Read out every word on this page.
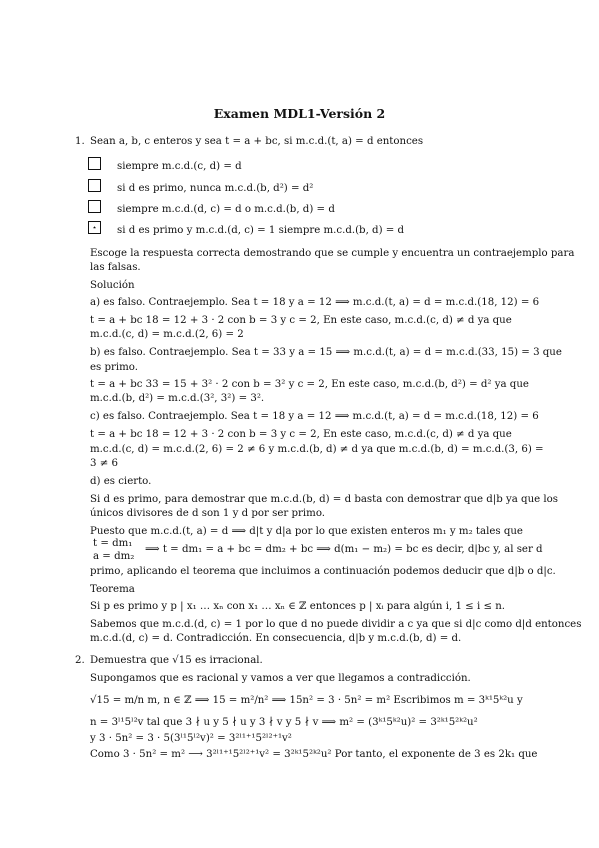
Examen MDL1-Versión 2
1. Sean a, b, c enteros y sea t = a + bc, si m.c.d.(t, a) = d entonces
siempre m.c.d.(c, d) = d
si d es primo, nunca m.c.d.(b, d²) = d²
siempre m.c.d.(d, c) = d o m.c.d.(b, d) = d
⋆	si d es primo y m.c.d.(d, c) = 1 siempre m.c.d.(b, d) = d
Escoge la respuesta correcta demostrando que se cumple y encuentra un contraejemplo para
las falsas.
Solución
a) es falso. Contraejemplo. Sea t = 18 y a = 12 ⟹ m.c.d.(t, a) = d = m.c.d.(18, 12) = 6
t = a + bc 18 = 12 + 3 · 2 con b = 3 y c = 2, En este caso, m.c.d.(c, d) ≠ d ya que
m.c.d.(c, d) = m.c.d.(2, 6) = 2
b) es falso. Contraejemplo. Sea t = 33 y a = 15 ⟹ m.c.d.(t, a) = d = m.c.d.(33, 15) = 3 que
es primo.
t = a + bc 33 = 15 + 3² · 2 con b = 3² y c = 2, En este caso, m.c.d.(b, d²) = d² ya que
m.c.d.(b, d²) = m.c.d.(3², 3²) = 3².
c) es falso. Contraejemplo. Sea t = 18 y a = 12 ⟹ m.c.d.(t, a) = d = m.c.d.(18, 12) = 6
t = a + bc 18 = 12 + 3 · 2 con b = 3 y c = 2, En este caso, m.c.d.(c, d) ≠ d ya que
m.c.d.(c, d) = m.c.d.(2, 6) = 2 ≠ 6 y m.c.d.(b, d) ≠ d ya que m.c.d.(b, d) = m.c.d.(3, 6) =
3 ≠ 6
d) es cierto.
Si d es primo, para demostrar que m.c.d.(b, d) = d basta con demostrar que d|b ya que los
únicos divisores de d son 1 y d por ser primo.
Puesto que m.c.d.(t, a) = d ⟹ d|t y d|a por lo que existen enteros m₁ y m₂ tales que
t = dm₁
a = dm₂
⟹ t = dm₁ = a + bc = dm₂ + bc ⟹ d(m₁ − m₂) = bc es decir, d|bc y, al ser d
primo, aplicando el teorema que incluimos a continuación podemos deducir que d|b o d|c.
Teorema
Si p es primo y p | x₁ … xₙ con x₁ … xₙ ∈ ℤ entonces p | xᵢ para algún i, 1 ≤ i ≤ n.
Sabemos que m.c.d.(d, c) = 1 por lo que d no puede dividir a c ya que si d|c como d|d entonces
m.c.d.(d, c) = d. Contradicción. En consecuencia, d|b y m.c.d.(b, d) = d.
2. Demuestra que √15 es irracional.
Supongamos que es racional y vamos a ver que llegamos a contradicción.
√15 = m/n m, n ∈ ℤ ⟹ 15 = m²/n² ⟹ 15n² = 3 · 5n² = m² Escribimos m = 3ᵏ¹5ᵏ²u y
n = 3ˡ¹5ˡ²v tal que 3 ∤ u y 5 ∤ u y 3 ∤ v y 5 ∤ v ⟹ m² = (3ᵏ¹5ᵏ²u)² = 3²ᵏ¹5²ᵏ²u²
y 3 · 5n² = 3 · 5(3ˡ¹5ˡ²v)² = 3²ˡ¹⁺¹5²ˡ²⁺¹v²
Como 3 · 5n² = m² ⟶ 3²ˡ¹⁺¹5²ˡ²⁺¹v² = 3²ᵏ¹5²ᵏ²u² Por tanto, el exponente de 3 es 2k₁ que
